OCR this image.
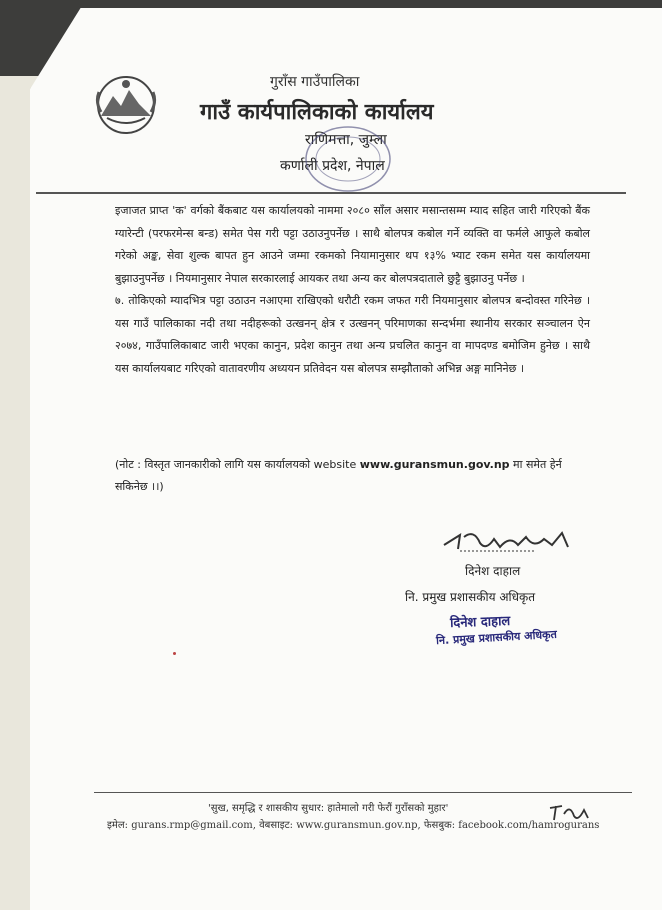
गुराँस गाउँपालिका
गाउँ कार्यपालिकाको कार्यालय
राणिमत्ता, जुम्ला
कर्णाली प्रदेश, नेपाल

इजाजत प्राप्त 'क' वर्गको बैंकबाट यस कार्यालयको नाममा २०८० साँल असार मसान्तसम्म म्याद सहित जारी गरिएको बैंक ग्यारेन्टी (परफरमेन्स बन्ड) समेत पेस गरी पट्टा उठाउनुपर्नेछ । साथै बोलपत्र कबोल गर्ने व्यक्ति वा फर्मले आफुले कबोल गरेको अङ्क, सेवा शुल्क बापत हुन आउने जम्मा रकमको नियामानुसार थप १३% भ्याट रकम समेत यस कार्यालयमा बुझाउनुपर्नेछ । नियमानुसार नेपाल सरकारलाई आयकर तथा अन्य कर बोलपत्रदाताले छुट्टै बुझाउनु पर्नेछ ।

७. तोकिएको म्यादभित्र पट्टा उठाउन नआएमा राखिएको धरौटी रकम जफत गरी नियमानुसार बोलपत्र बन्दोवस्त गरिनेछ । यस गाउँ पालिकाका नदी तथा नदीहरूको उत्खनन् क्षेत्र र उत्खनन् परिमाणका सन्दर्भमा स्थानीय सरकार सञ्चालन ऐन २०७४, गाउँपालिकाबाट जारी भएका कानुन, प्रदेश कानुन तथा अन्य प्रचलित कानुन वा मापदण्ड बमोजिम हुनेछ । साथै यस कार्यालयबाट गरिएको वातावरणीय अध्ययन प्रतिवेदन यस बोलपत्र सम्झौताको अभिन्न अङ्ग मानिनेछ ।

(नोट : विस्तृत जानकारीको लागि यस कार्यालयको website www.guransmun.gov.np मा समेत हेर्न सकिनेछ ।।)
दिनेश दाहाल
नि. प्रमुख प्रशासकीय अधिकृत
दिनेश दाहाल
नि. प्रमुख प्रशासकीय अधिकृत
'सुख, समृद्धि र शासकीय सुधार: हातेमालो गरी फेरौं गुराँसको मुहार'
इमेल: gurans.rmp@gmail.com, वेबसाइट: www.guransmun.gov.np, फेसबुक: facebook.com/hamrogurans
